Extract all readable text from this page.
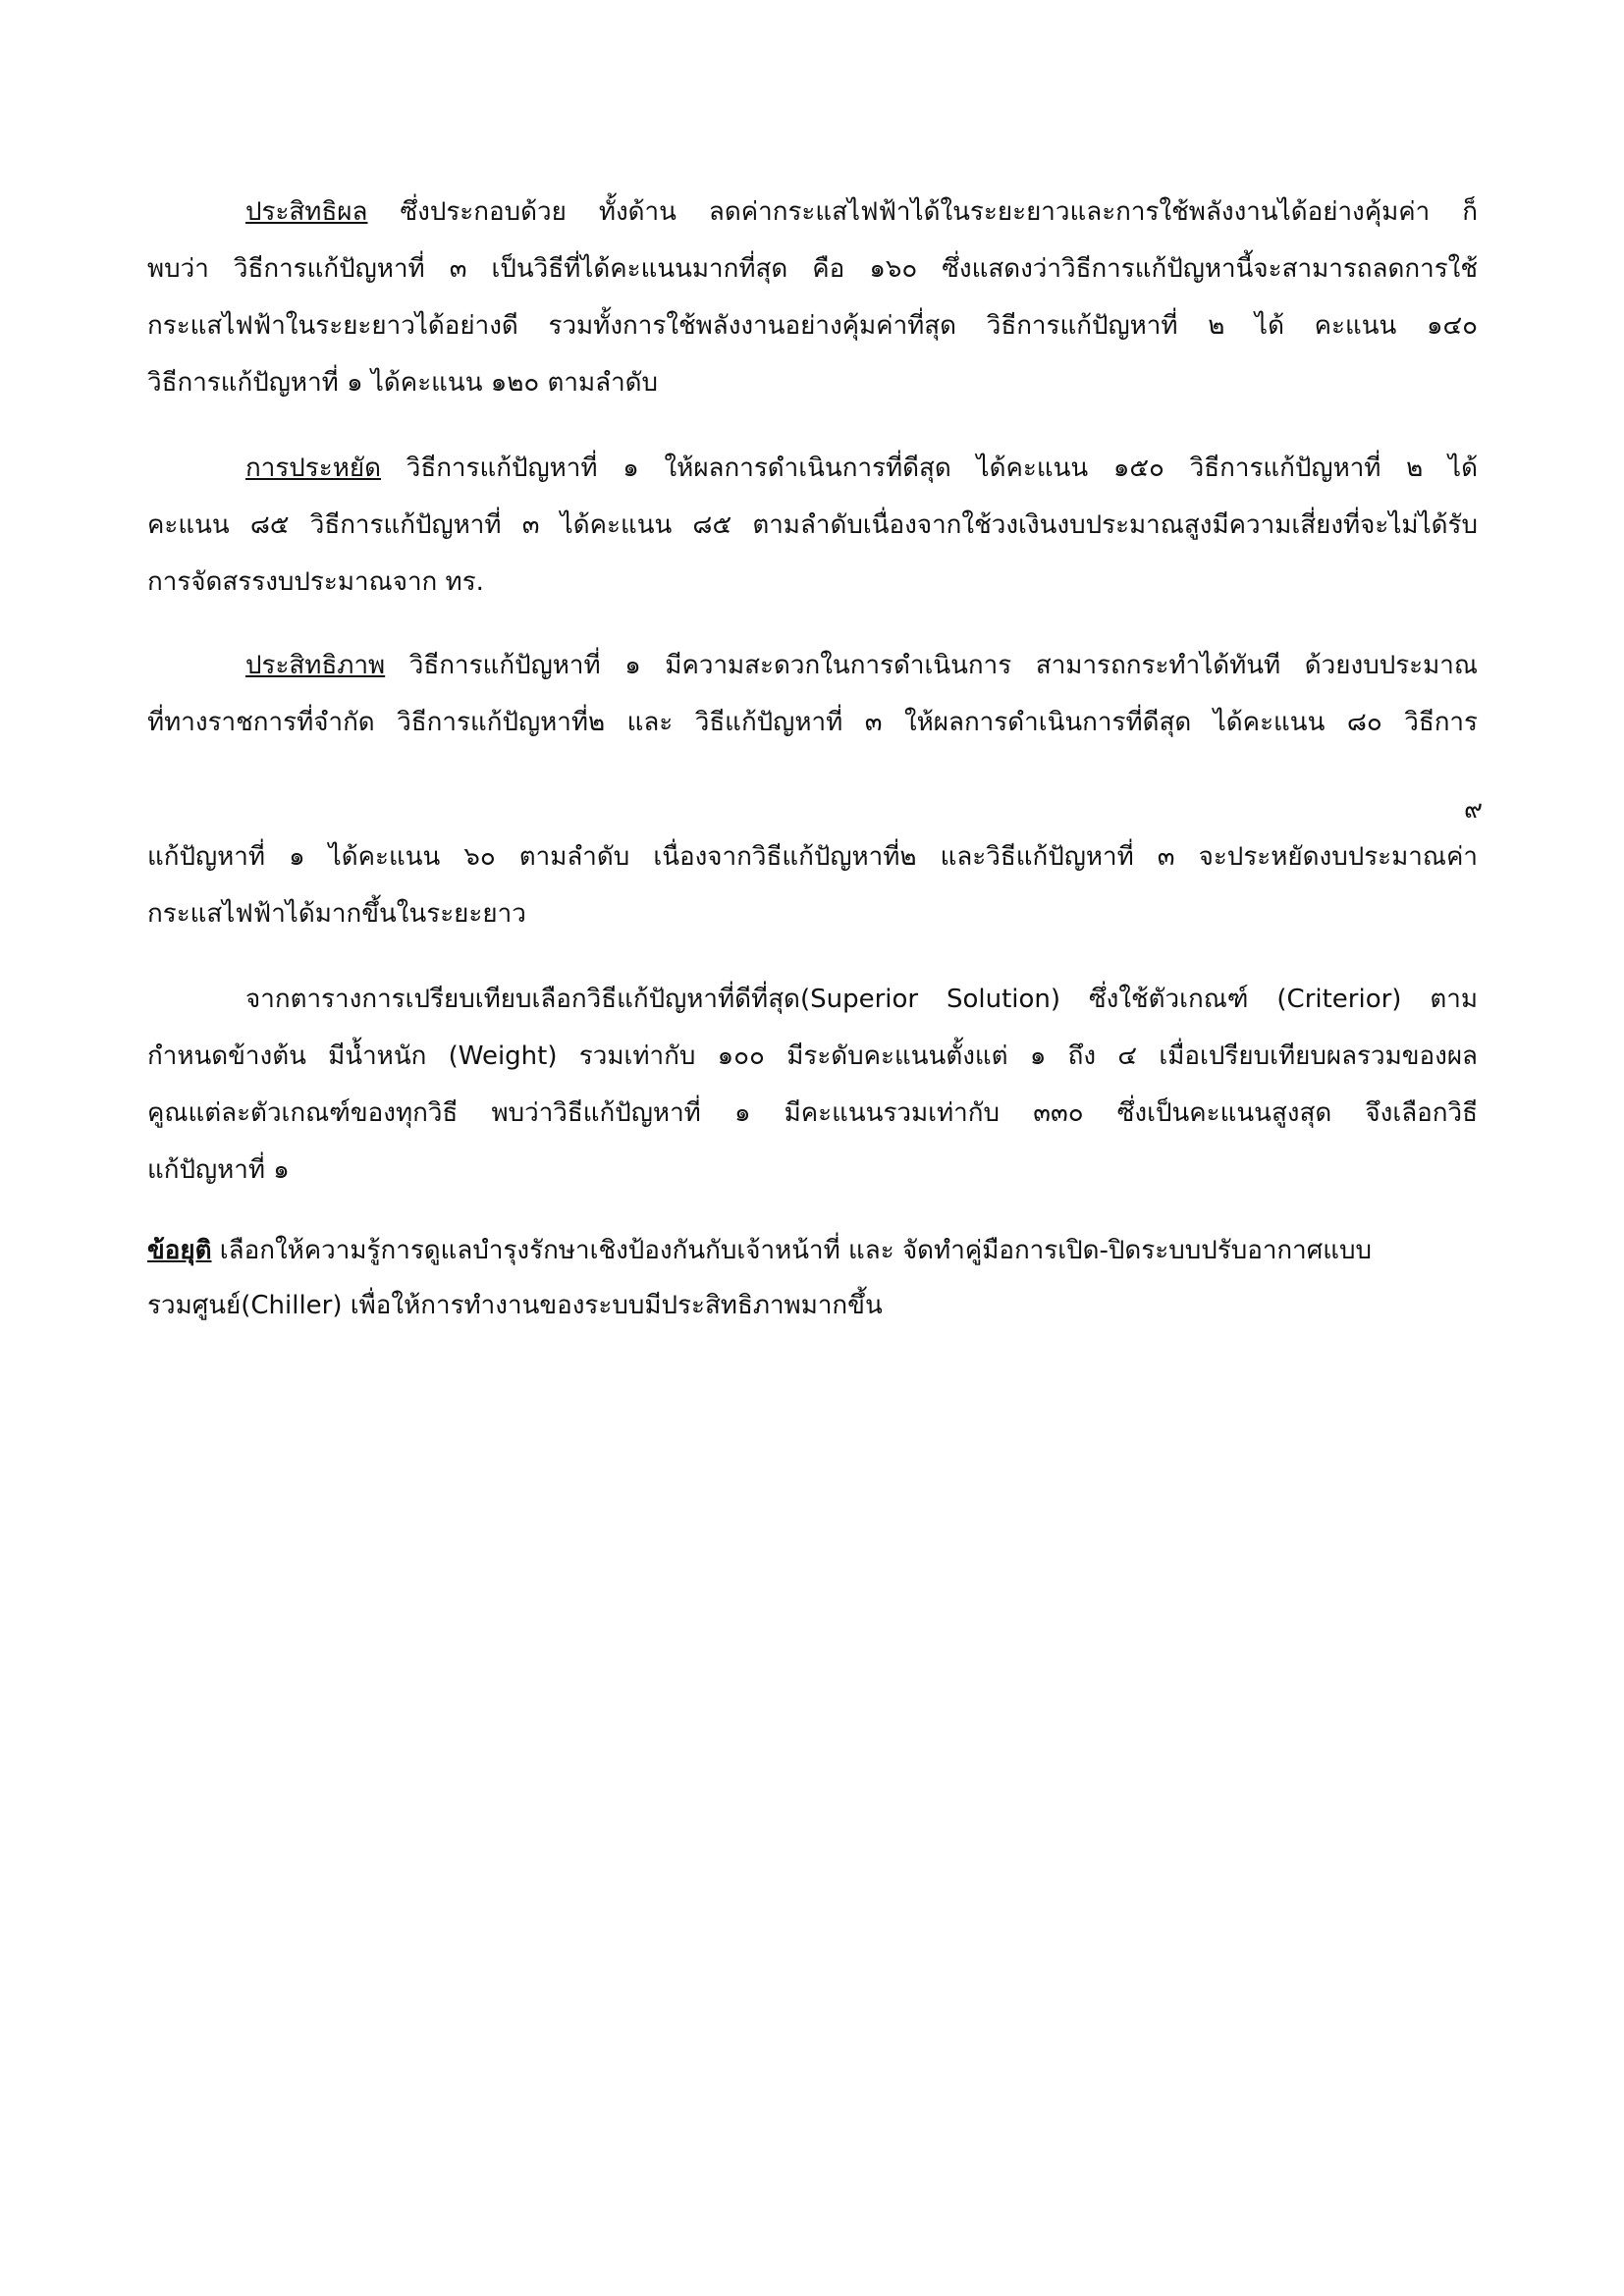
ประสิทธิผล ซึ่งประกอบด้วย ทั้งด้าน ลดค่ากระแสไฟฟ้าได้ในระยะยาวและการใช้พลังงานได้อย่างคุ้มค่า ก็
พบว่า วิธีการแก้ปัญหาที่ ๓ เป็นวิธีที่ได้คะแนนมากที่สุด คือ ๑๖๐ ซึ่งแสดงว่าวิธีการแก้ปัญหานี้จะสามารถลดการใช้
กระแสไฟฟ้าในระยะยาวได้อย่างดี รวมทั้งการใช้พลังงานอย่างคุ้มค่าที่สุด วิธีการแก้ปัญหาที่ ๒ ได้ คะแนน ๑๔๐
วิธีการแก้ปัญหาที่ ๑ ได้คะแนน ๑๒๐ ตามลำดับ
การประหยัด วิธีการแก้ปัญหาที่ ๑ ให้ผลการดำเนินการที่ดีสุด ได้คะแนน ๑๕๐ วิธีการแก้ปัญหาที่ ๒ ได้
คะแนน ๘๕ วิธีการแก้ปัญหาที่ ๓ ได้คะแนน ๘๕ ตามลำดับเนื่องจากใช้วงเงินงบประมาณสูงมีความเสี่ยงที่จะไม่ได้รับ
การจัดสรรงบประมาณจาก ทร.
ประสิทธิภาพ วิธีการแก้ปัญหาที่ ๑ มีความสะดวกในการดำเนินการ สามารถกระทำได้ทันที ด้วยงบประมาณ
ที่ทางราชการที่จำกัด วิธีการแก้ปัญหาที่๒ และ วิธีแก้ปัญหาที่ ๓ ให้ผลการดำเนินการที่ดีสุด ได้คะแนน ๘๐ วิธีการ
๙
แก้ปัญหาที่ ๑ ได้คะแนน ๖๐ ตามลำดับ เนื่องจากวิธีแก้ปัญหาที่๒ และวิธีแก้ปัญหาที่ ๓ จะประหยัดงบประมาณค่า
กระแสไฟฟ้าได้มากขึ้นในระยะยาว
จากตารางการเปรียบเทียบเลือกวิธีแก้ปัญหาที่ดีที่สุด(Superior Solution) ซึ่งใช้ตัวเกณฑ์ (Criterior) ตาม
กำหนดข้างต้น มีน้ำหนัก (Weight) รวมเท่ากับ ๑๐๐ มีระดับคะแนนตั้งแต่ ๑ ถึง ๔ เมื่อเปรียบเทียบผลรวมของผล
คูณแต่ละตัวเกณฑ์ของทุกวิธี พบว่าวิธีแก้ปัญหาที่ ๑ มีคะแนนรวมเท่ากับ ๓๓๐ ซึ่งเป็นคะแนนสูงสุด จึงเลือกวิธี
แก้ปัญหาที่ ๑
ข้อยุติ เลือกให้ความรู้การดูแลบำรุงรักษาเชิงป้องกันกับเจ้าหน้าที่ และ จัดทำคู่มือการเปิด-ปิดระบบปรับอากาศแบบ
รวมศูนย์(Chiller) เพื่อให้การทำงานของระบบมีประสิทธิภาพมากขึ้น
